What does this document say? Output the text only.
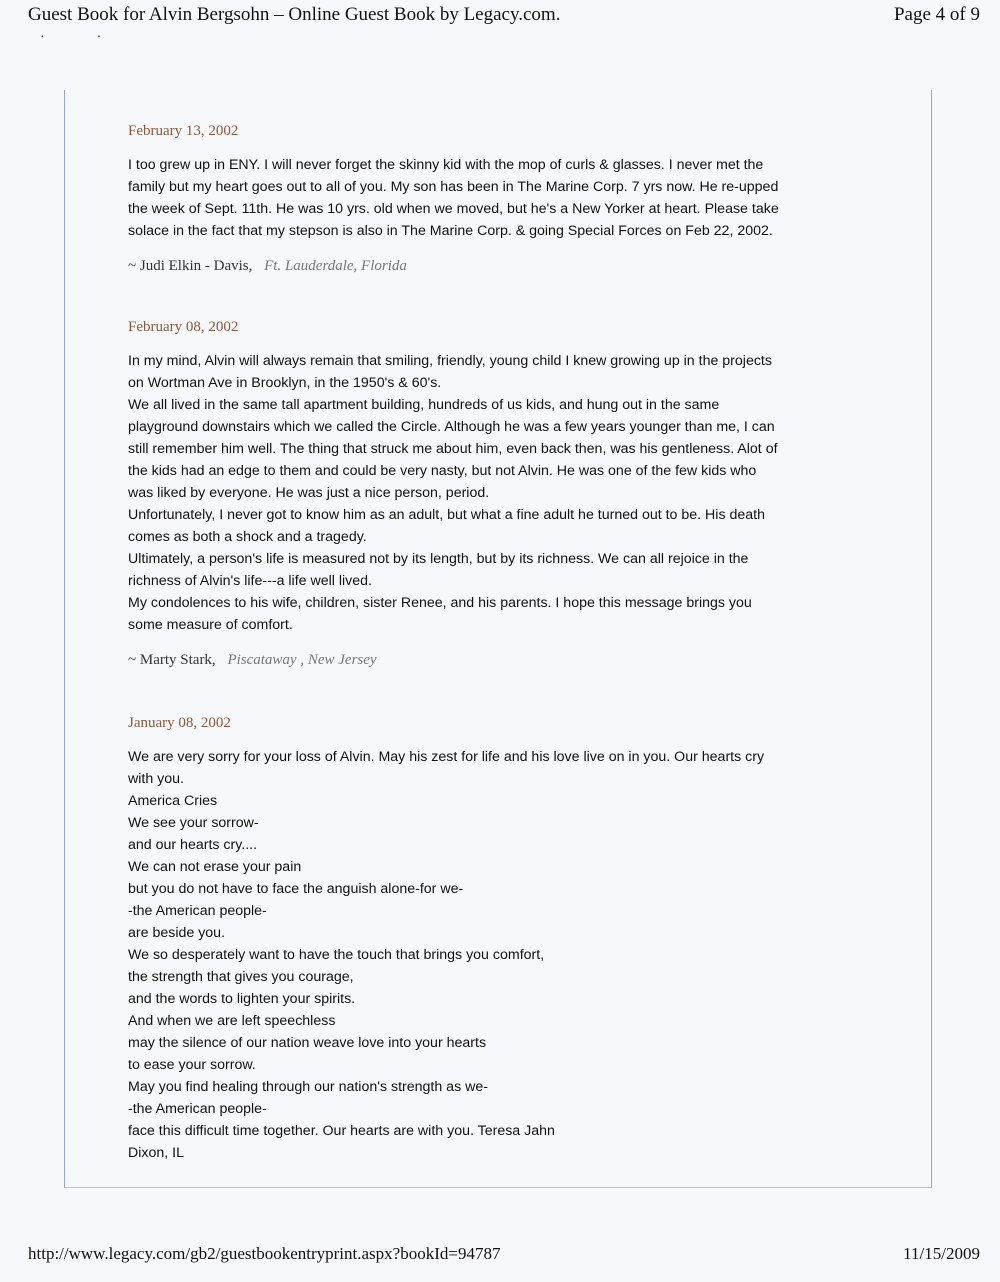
Guest Book for Alvin Bergsohn – Online Guest Book by Legacy.com.	Page 4 of 9
··
February 13, 2002
I too grew up in ENY. I will never forget the skinny kid with the mop of curls & glasses. I never met the
family but my heart goes out to all of you. My son has been in The Marine Corp. 7 yrs now. He re-upped
the week of Sept. 11th. He was 10 yrs. old when we moved, but he's a New Yorker at heart. Please take
solace in the fact that my stepson is also in The Marine Corp. & going Special Forces on Feb 22, 2002.
~ Judi Elkin - Davis, Ft. Lauderdale, Florida
February 08, 2002
In my mind, Alvin will always remain that smiling, friendly, young child I knew growing up in the projects
on Wortman Ave in Brooklyn, in the 1950's & 60's.
We all lived in the same tall apartment building, hundreds of us kids, and hung out in the same
playground downstairs which we called the Circle. Although he was a few years younger than me, I can
still remember him well. The thing that struck me about him, even back then, was his gentleness. Alot of
the kids had an edge to them and could be very nasty, but not Alvin. He was one of the few kids who
was liked by everyone. He was just a nice person, period.
Unfortunately, I never got to know him as an adult, but what a fine adult he turned out to be. His death
comes as both a shock and a tragedy.
Ultimately, a person's life is measured not by its length, but by its richness. We can all rejoice in the
richness of Alvin's life---a life well lived.
My condolences to his wife, children, sister Renee, and his parents. I hope this message brings you
some measure of comfort.
~ Marty Stark, Piscataway , New Jersey
January 08, 2002
We are very sorry for your loss of Alvin. May his zest for life and his love live on in you. Our hearts cry
with you.
America Cries
We see your sorrow-
and our hearts cry....
We can not erase your pain
but you do not have to face the anguish alone-for we-
-the American people-
are beside you.
We so desperately want to have the touch that brings you comfort,
the strength that gives you courage,
and the words to lighten your spirits.
And when we are left speechless
may the silence of our nation weave love into your hearts
to ease your sorrow.
May you find healing through our nation's strength as we-
-the American people-
face this difficult time together. Our hearts are with you. Teresa Jahn
Dixon, IL
http://www.legacy.com/gb2/guestbookentryprint.aspx?bookId=94787	11/15/2009
